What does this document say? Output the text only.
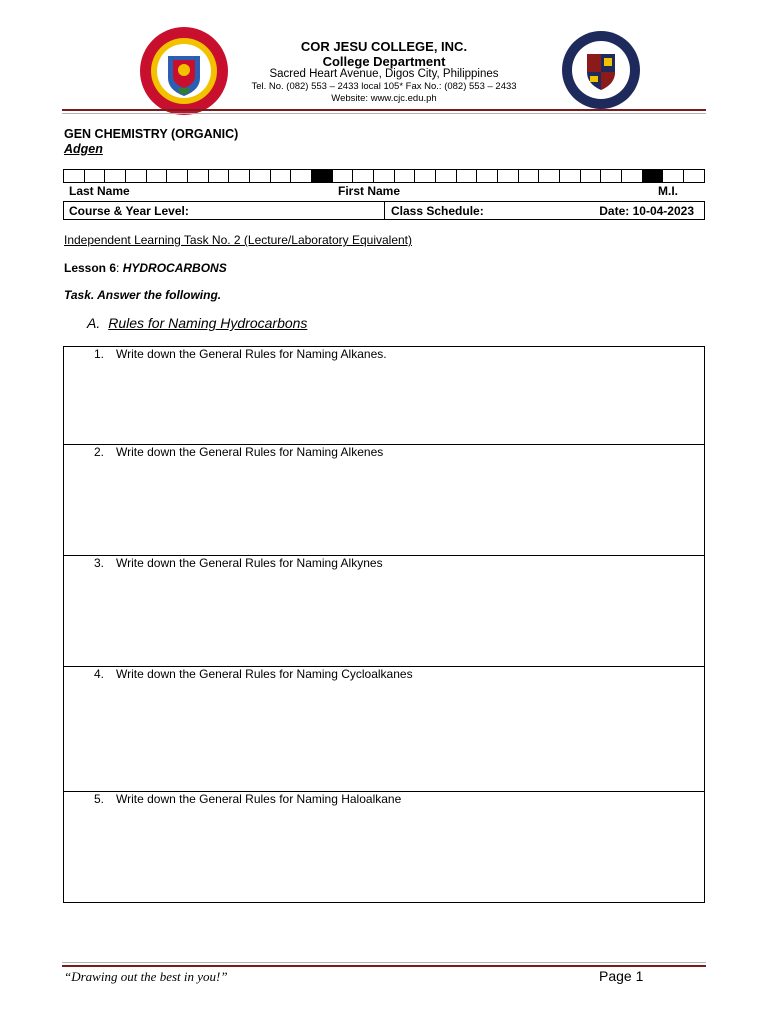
COR JESU COLLEGE, INC.
College Department
Sacred Heart Avenue, Digos City, Philippines
Tel. No. (082) 553 – 2433 local 105* Fax No.: (082) 553 – 2433
Website: www.cjc.edu.ph
GEN CHEMISTRY (ORGANIC)
Adgen
Last Name	First Name	M.I.
Course & Year Level:	Class Schedule:	Date: 10-04-2023
Independent Learning Task No. 2 (Lecture/Laboratory Equivalent)
Lesson 6: HYDROCARBONS
Task. Answer the following.
A. Rules for Naming Hydrocarbons
1. Write down the General Rules for Naming Alkanes.
2. Write down the General Rules for Naming Alkenes
3. Write down the General Rules for Naming Alkynes
4. Write down the General Rules for Naming Cycloalkanes
5. Write down the General Rules for Naming Haloalkane
“Drawing out the best in you!”	Page 1
